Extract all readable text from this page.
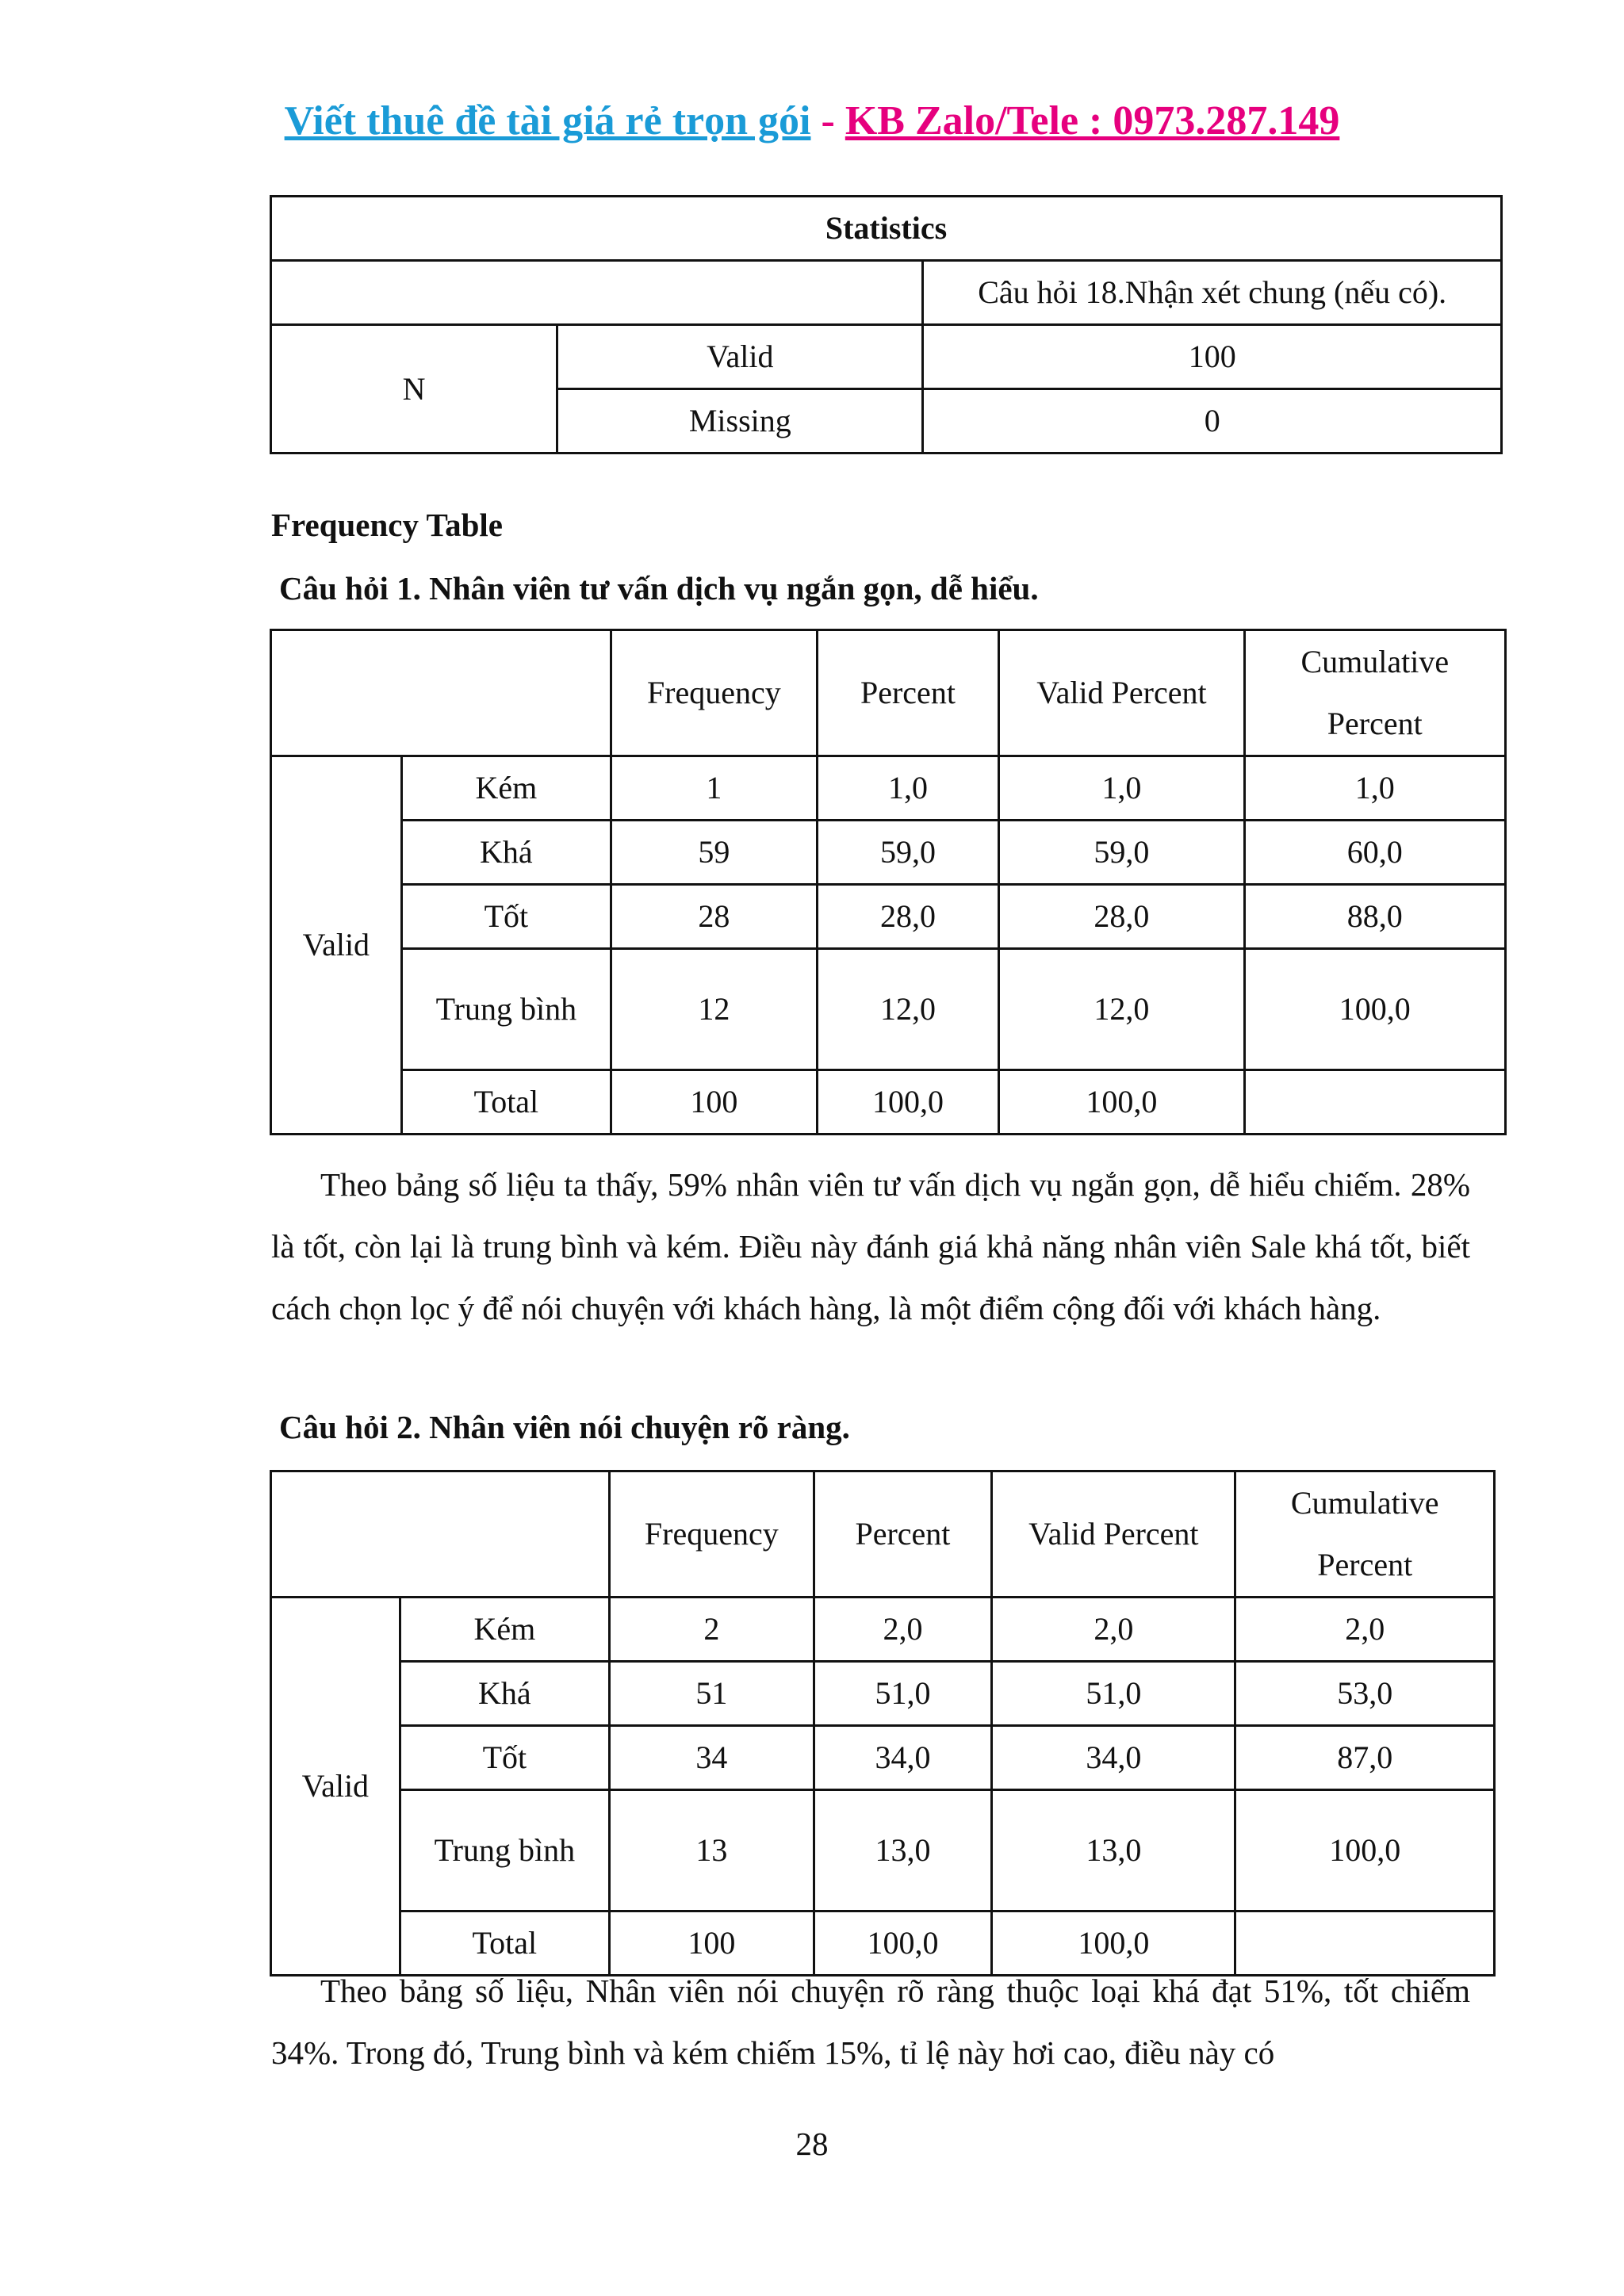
Viết thuê đề tài giá rẻ trọn gói - KB Zalo/Tele : 0973.287.149
Statistics		
		Câu hỏi 18.Nhận xét chung (nếu có).
N	Valid	100
	Missing	0
Frequency Table
Câu hỏi 1. Nhân viên tư vấn dịch vụ ngắn gọn, dễ hiểu.
		Frequency	Percent	Valid Percent	Cumulative
Percent
Valid	Kém	1	1,0	1,0	1,0
	Khá	59	59,0	59,0	60,0
	Tốt	28	28,0	28,0	88,0
	Trung bình	12	12,0	12,0	100,0
	Total	100	100,0	100,0	
Theo bảng số liệu ta thấy, 59% nhân viên tư vấn dịch vụ ngắn gọn, dễ hiểu chiếm. 28% là tốt, còn lại là trung bình và kém. Điều này đánh giá khả năng nhân viên Sale khá tốt, biết cách chọn lọc ý để nói chuyện với khách hàng, là một điểm cộng đối với khách hàng.
Câu hỏi 2. Nhân viên nói chuyện rõ ràng.
		Frequency	Percent	Valid Percent	Cumulative
Percent
Valid	Kém	2	2,0	2,0	2,0
	Khá	51	51,0	51,0	53,0
	Tốt	34	34,0	34,0	87,0
	Trung bình	13	13,0	13,0	100,0
	Total	100	100,0	100,0	
Theo bảng số liệu, Nhân viên nói chuyện rõ ràng thuộc loại khá đạt 51%, tốt chiếm 34%. Trong đó, Trung bình và kém chiếm 15%, tỉ lệ này hơi cao, điều này có
28
